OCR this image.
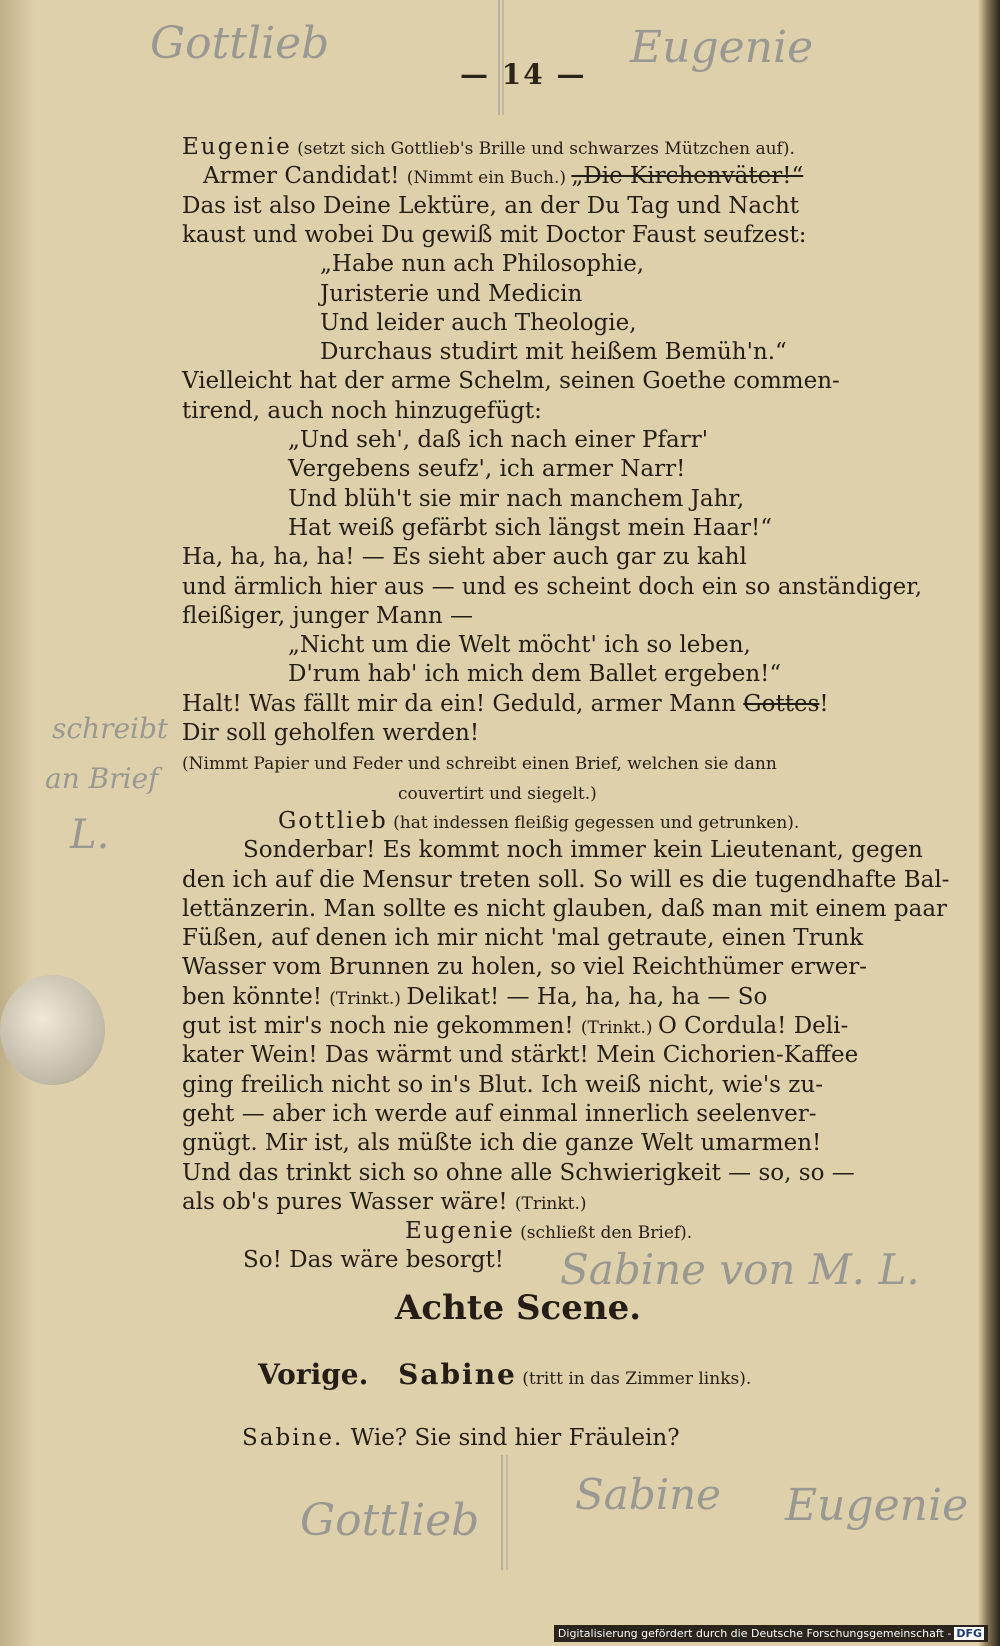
Gottlieb	Eugenie
schreibt
an Brief
L.
Sabine von M. L.
Gottlieb
Sabine Eugenie
— 14 —
Eugenie (setzt sich Gottlieb's Brille und schwarzes Mützchen auf).
Armer Candidat! (Nimmt ein Buch.) „Die Kirchenväter!“
Das ist also Deine Lektüre, an der Du Tag und Nacht
kaust und wobei Du gewiß mit Doctor Faust seufzest:
„Habe nun ach Philosophie,
Juristerie und Medicin
Und leider auch Theologie,
Durchaus studirt mit heißem Bemüh'n.“
Vielleicht hat der arme Schelm, seinen Goethe commen-
tirend, auch noch hinzugefügt:
„Und seh', daß ich nach einer Pfarr'
Vergebens seufz', ich armer Narr!
Und blüh't sie mir nach manchem Jahr,
Hat weiß gefärbt sich längst mein Haar!“
Ha, ha, ha, ha! — Es sieht aber auch gar zu kahl
und ärmlich hier aus — und es scheint doch ein so anständiger,
fleißiger, junger Mann —
„Nicht um die Welt möcht' ich so leben,
D'rum hab' ich mich dem Ballet ergeben!“
Halt! Was fällt mir da ein! Geduld, armer Mann Gottes!
Dir soll geholfen werden!
(Nimmt Papier und Feder und schreibt einen Brief, welchen sie dann
couvertirt und siegelt.)
Gottlieb (hat indessen fleißig gegessen und getrunken).
Sonderbar! Es kommt noch immer kein Lieutenant, gegen
den ich auf die Mensur treten soll. So will es die tugendhafte Bal-
lettänzerin. Man sollte es nicht glauben, daß man mit einem paar
Füßen, auf denen ich mir nicht 'mal getraute, einen Trunk
Wasser vom Brunnen zu holen, so viel Reichthümer erwer-
ben könnte! (Trinkt.) Delikat! — Ha, ha, ha, ha — So
gut ist mir's noch nie gekommen! (Trinkt.) O Cordula! Deli-
kater Wein! Das wärmt und stärkt! Mein Cichorien-Kaffee
ging freilich nicht so in's Blut. Ich weiß nicht, wie's zu-
geht — aber ich werde auf einmal innerlich seelenver-
gnügt. Mir ist, als müßte ich die ganze Welt umarmen!
Und das trinkt sich so ohne alle Schwierigkeit — so, so —
als ob's pures Wasser wäre! (Trinkt.)
Eugenie (schließt den Brief).
So! Das wäre besorgt!
Achte Scene.
Vorige. Sabine (tritt in das Zimmer links).
Sabine. Wie? Sie sind hier Fräulein?
Digitalisierung gefördert durch die Deutsche Forschungsgemeinschaft - DFG
